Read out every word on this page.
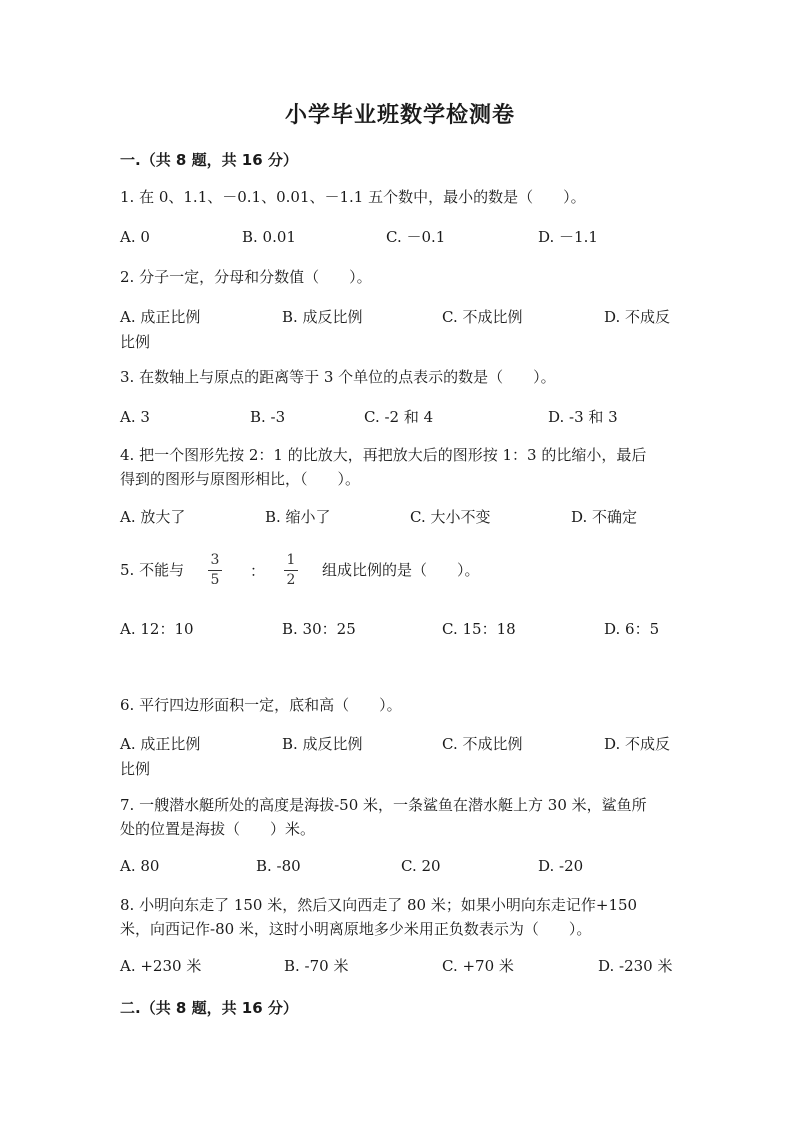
小学毕业班数学检测卷
一.（共 8 题，共 16 分）
1. 在 0、1.1、－0.1、0.01、－1.1 五个数中，最小的数是（　　）。
A. 0	B. 0.01	C. －0.1	D. －1.1
2. 分子一定，分母和分数值（　　）。
A. 成正比例	B. 成反比例	C. 不成比例	D. 不成反
比例
3. 在数轴上与原点的距离等于 3 个单位的点表示的数是（　　）。
A. 3	B. -3	C. -2 和 4	D. -3 和 3
4. 把一个图形先按 2：1 的比放大，再把放大后的图形按 1：3 的比缩小，最后
得到的图形与原图形相比，（　　）。
A. 放大了	B. 缩小了	C. 大小不变	D. 不确定
5. 不能与
3
5 ：
1
2
组成比例的是（　　）。
A. 12：10	B. 30：25	C. 15：18	D. 6：5
6. 平行四边形面积一定，底和高（　　）。
A. 成正比例	B. 成反比例	C. 不成比例	D. 不成反
比例
7. 一艘潜水艇所处的高度是海拔-50 米，一条鲨鱼在潜水艇上方 30 米，鲨鱼所
处的位置是海拔（　　）米。
A. 80	B. -80	C. 20	D. -20
8. 小明向东走了 150 米，然后又向西走了 80 米；如果小明向东走记作+150
米，向西记作-80 米，这时小明离原地多少米用正负数表示为（　　）。
A. +230 米	B. -70 米	C. +70 米	D. -230 米
二.（共 8 题，共 16 分）
